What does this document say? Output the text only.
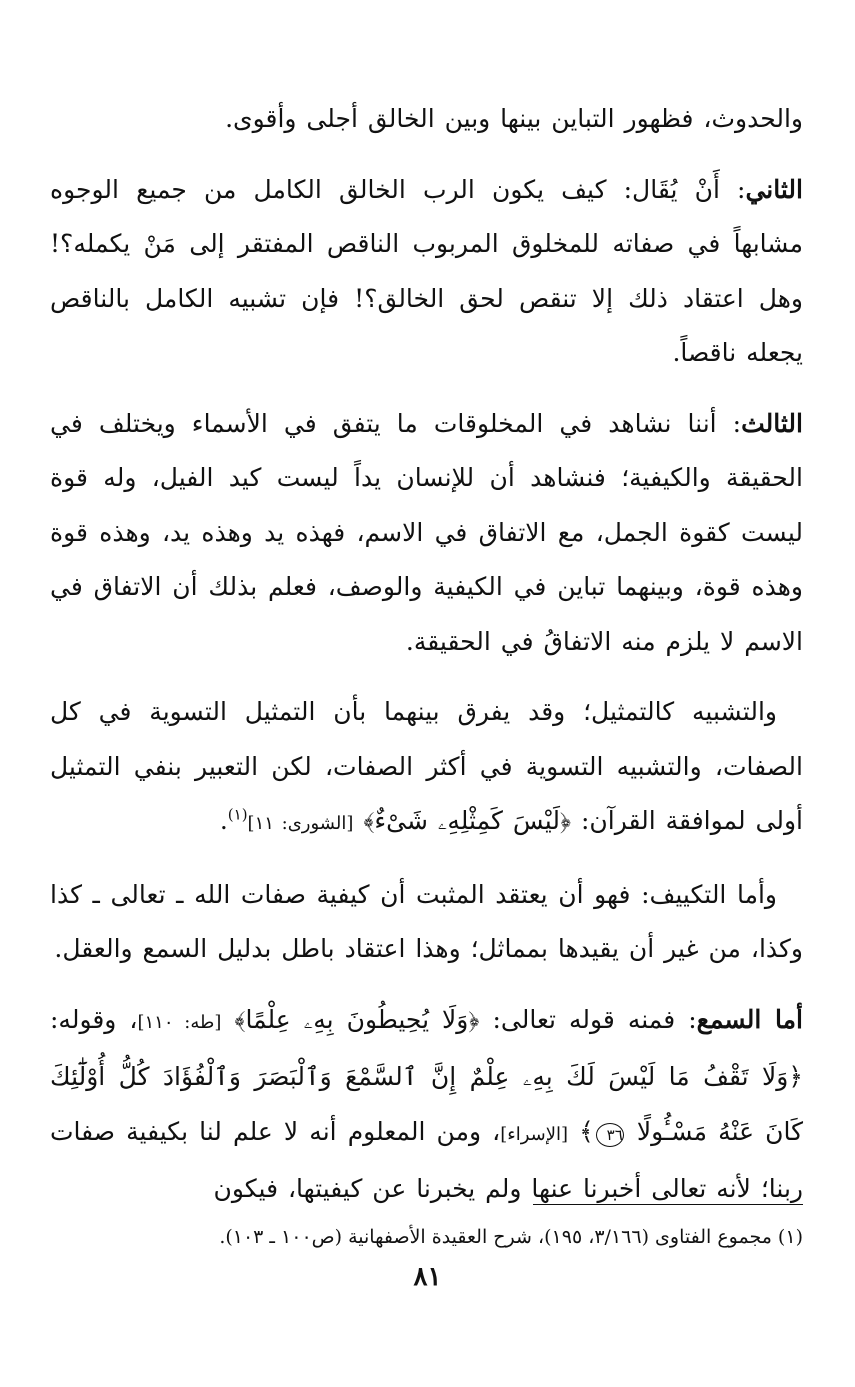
والحدوث، فظهور التباين بينها وبين الخالق أجلى وأقوى.

الثاني: أَنْ يُقَال: كيف يكون الرب الخالق الكامل من جميع الوجوه مشابهاً في صفاته للمخلوق المربوب الناقص المفتقر إلى مَنْ يكمله؟! وهل اعتقاد ذلك إلا تنقص لحق الخالق؟! فإن تشبيه الكامل بالناقص يجعله ناقصاً.

الثالث: أننا نشاهد في المخلوقات ما يتفق في الأسماء ويختلف في الحقيقة والكيفية؛ فنشاهد أن للإنسان يداً ليست كيد الفيل، وله قوة ليست كقوة الجمل، مع الاتفاق في الاسم، فهذه يد وهذه يد، وهذه قوة وهذه قوة، وبينهما تباين في الكيفية والوصف، فعلم بذلك أن الاتفاق في الاسم لا يلزم منه الاتفاقُ في الحقيقة.

والتشبيه كالتمثيل؛ وقد يفرق بينهما بأن التمثيل التسوية في كل الصفات، والتشبيه التسوية في أكثر الصفات، لكن التعبير بنفي التمثيل أولى لموافقة القرآن: ﴿لَيْسَ كَمِثْلِهِۦ شَىْءٌ﴾ [الشورى: ١١]$^{(١)}$.

وأما التكييف: فهو أن يعتقد المثبت أن كيفية صفات الله ـ تعالى ـ كذا وكذا، من غير أن يقيدها بمماثل؛ وهذا اعتقاد باطل بدليل السمع والعقل.

أما السمع: فمنه قوله تعالى: ﴿وَلَا يُحِيطُونَ بِهِۦ عِلْمًا﴾ [طه: ١١٠]، وقوله: ﴿وَلَا تَقْفُ مَا لَيْسَ لَكَ بِهِۦ عِلْمٌ إِنَّ ٱلسَّمْعَ وَٱلْبَصَرَ وَٱلْفُؤَادَ كُلُّ أُوْلَٰٓئِكَ كَانَ عَنْهُ مَسْـُٔولًا ٣٦﴾ [الإسراء]، ومن المعلوم أنه لا علم لنا بكيفية صفات ربنا؛ لأنه تعالى أخبرنا عنها ولم يخبرنا عن كيفيتها، فيكون

(١) مجموع الفتاوى (٣/١٦٦، ١٩٥)، شرح العقيدة الأصفهانية (ص١٠٠ ـ ١٠٣).
٨١
